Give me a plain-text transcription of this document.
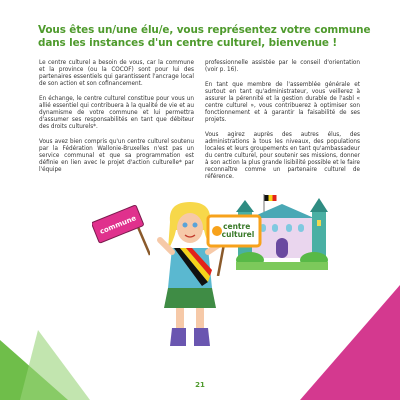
Vous êtes un/une élu/e, vous représentez votre commune dans les instances d'un centre culturel, bienvenue !

Le centre culturel a besoin de vous, car la commune et la province (ou la COCOF) sont pour lui des partenaires essentiels qui garantissent l'ancrage local de son action et son cofinancement.

En échange, le centre culturel constitue pour vous un allié essentiel qui contribuera à la qualité de vie et au dynamisme de votre commune et lui permettra d'assumer ses responsabilités en tant que débiteur des droits culturels*.

Vous avez bien compris qu'un centre culturel soutenu par la Fédération Wallonie-Bruxelles n'est pas un service communal et que sa programmation est définie en lien avec le projet d'action culturelle* par l'équipe

professionnelle assistée par le conseil d'orientation (voir p. 16).

En tant que membre de l'assemblée générale et surtout en tant qu'administrateur, vous veillerez à assurer la pérennité et la gestion durable de l'asbl « centre culturel », vous contribuerez à optimiser son fonctionnement et à garantir la faisabilité de ses projets.

Vous agirez auprès des autres élus, des administrations à tous les niveaux, des populations locales et leurs groupements en tant qu'ambassadeur du centre culturel, pour soutenir ses missions, donner à son action la plus grande lisibilité possible et le faire reconnaître comme un partenaire culturel de référence.

commune	centre culturel
21
